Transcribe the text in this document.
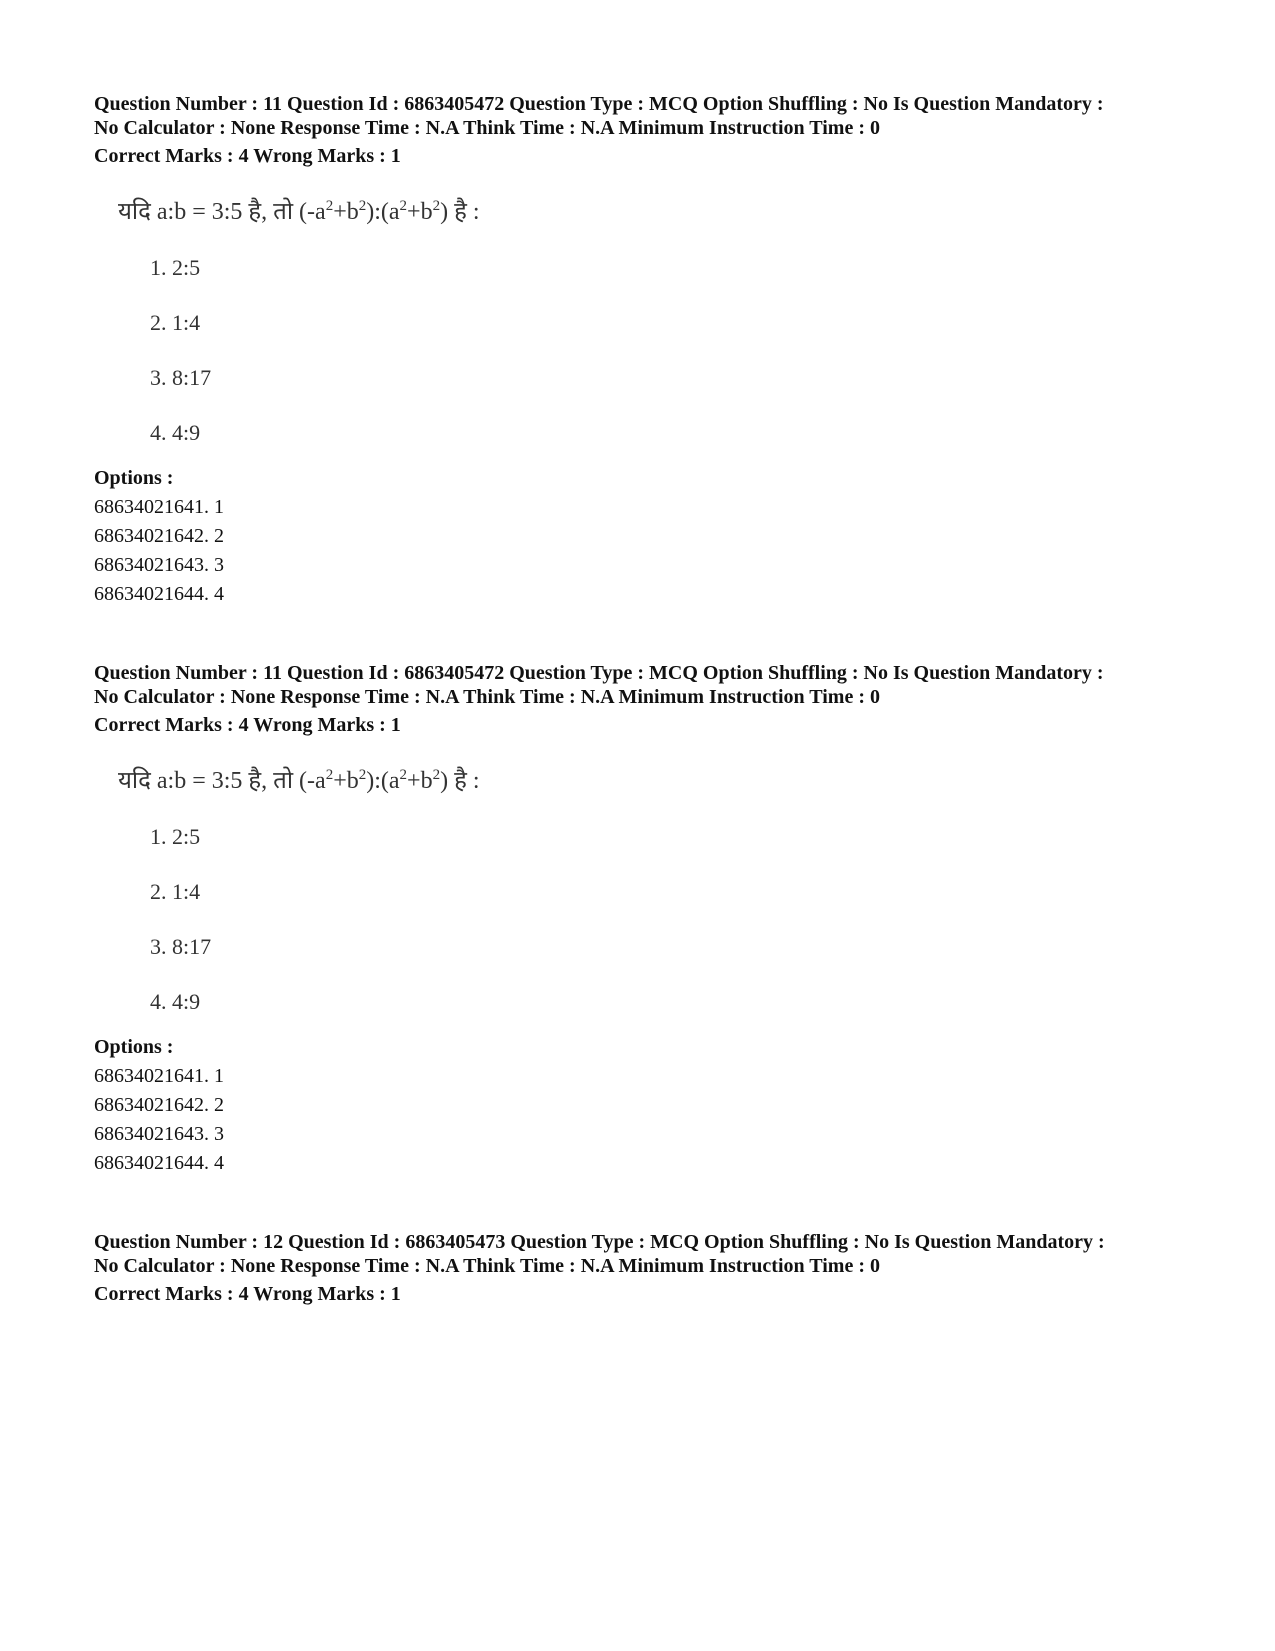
Question Number : 11 Question Id : 6863405472 Question Type : MCQ Option Shuffling : No Is Question Mandatory :
No Calculator : None Response Time : N.A Think Time : N.A Minimum Instruction Time : 0
Correct Marks : 4 Wrong Marks : 1
यदि a:b = 3:5 है, तो $(-a^2+b^2):(a^2+b^2)$ है :
1. 2:5
2. 1:4
3. 8:17
4. 4:9
Options :
68634021641. 1
68634021642. 2
68634021643. 3
68634021644. 4
Question Number : 11 Question Id : 6863405472 Question Type : MCQ Option Shuffling : No Is Question Mandatory :
No Calculator : None Response Time : N.A Think Time : N.A Minimum Instruction Time : 0
Correct Marks : 4 Wrong Marks : 1
यदि a:b = 3:5 है, तो $(-a^2+b^2):(a^2+b^2)$ है :
1. 2:5
2. 1:4
3. 8:17
4. 4:9
Options :
68634021641. 1
68634021642. 2
68634021643. 3
68634021644. 4
Question Number : 12 Question Id : 6863405473 Question Type : MCQ Option Shuffling : No Is Question Mandatory :
No Calculator : None Response Time : N.A Think Time : N.A Minimum Instruction Time : 0
Correct Marks : 4 Wrong Marks : 1
